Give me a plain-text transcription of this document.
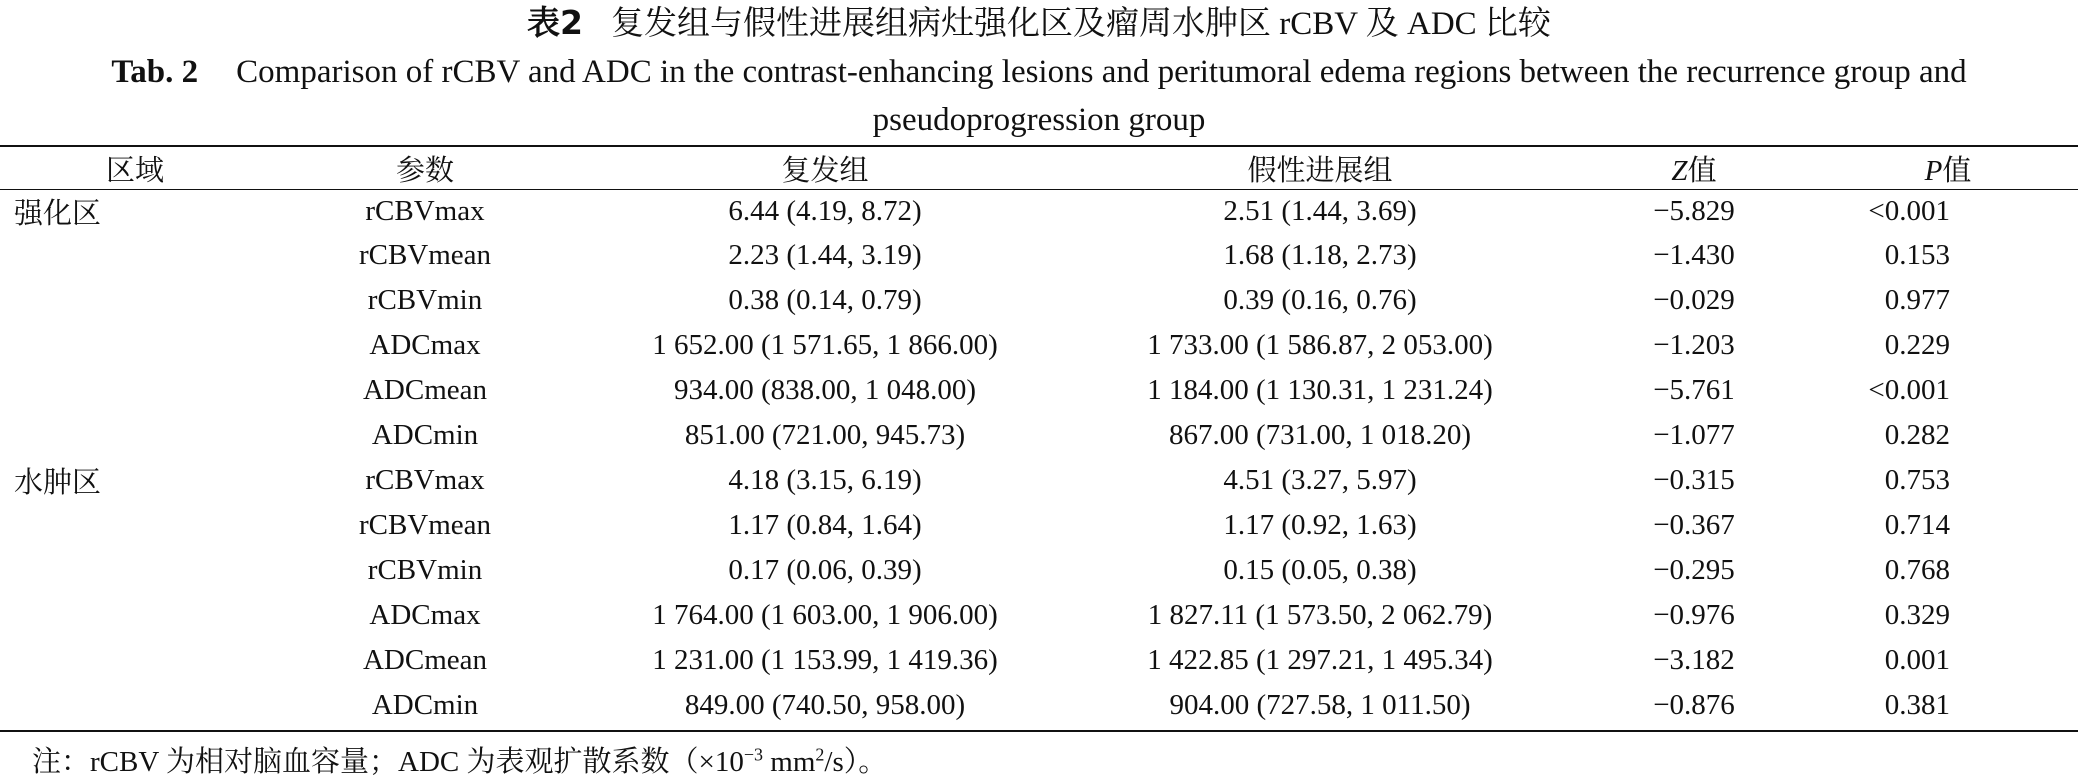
表2 复发组与假性进展组病灶强化区及瘤周水肿区 rCBV 及 ADC 比较
Tab. 2 Comparison of rCBV and ADC in the contrast-enhancing lesions and peritumoral edema regions between the recurrence group and pseudoprogression group
区域	参数	复发组	假性进展组	Z值	P值
强化区	rCBVmax	6.44 (4.19, 8.72)	2.51 (1.44, 3.69)	−5.829	<0.001
	rCBVmean	2.23 (1.44, 3.19)	1.68 (1.18, 2.73)	−1.430	0.153
	rCBVmin	0.38 (0.14, 0.79)	0.39 (0.16, 0.76)	−0.029	0.977
	ADCmax	1 652.00 (1 571.65, 1 866.00)	1 733.00 (1 586.87, 2 053.00)	−1.203	0.229
	ADCmean	934.00 (838.00, 1 048.00)	1 184.00 (1 130.31, 1 231.24)	−5.761	<0.001
	ADCmin	851.00 (721.00, 945.73)	867.00 (731.00, 1 018.20)	−1.077	0.282
水肿区	rCBVmax	4.18 (3.15, 6.19)	4.51 (3.27, 5.97)	−0.315	0.753
	rCBVmean	1.17 (0.84, 1.64)	1.17 (0.92, 1.63)	−0.367	0.714
	rCBVmin	0.17 (0.06, 0.39)	0.15 (0.05, 0.38)	−0.295	0.768
	ADCmax	1 764.00 (1 603.00, 1 906.00)	1 827.11 (1 573.50, 2 062.79)	−0.976	0.329
	ADCmean	1 231.00 (1 153.99, 1 419.36)	1 422.85 (1 297.21, 1 495.34)	−3.182	0.001
	ADCmin	849.00 (740.50, 958.00)	904.00 (727.58, 1 011.50)	−0.876	0.381
注：rCBV 为相对脑血容量；ADC 为表观扩散系数（$\times 10^{-3}$ $mm^2/s$）。
